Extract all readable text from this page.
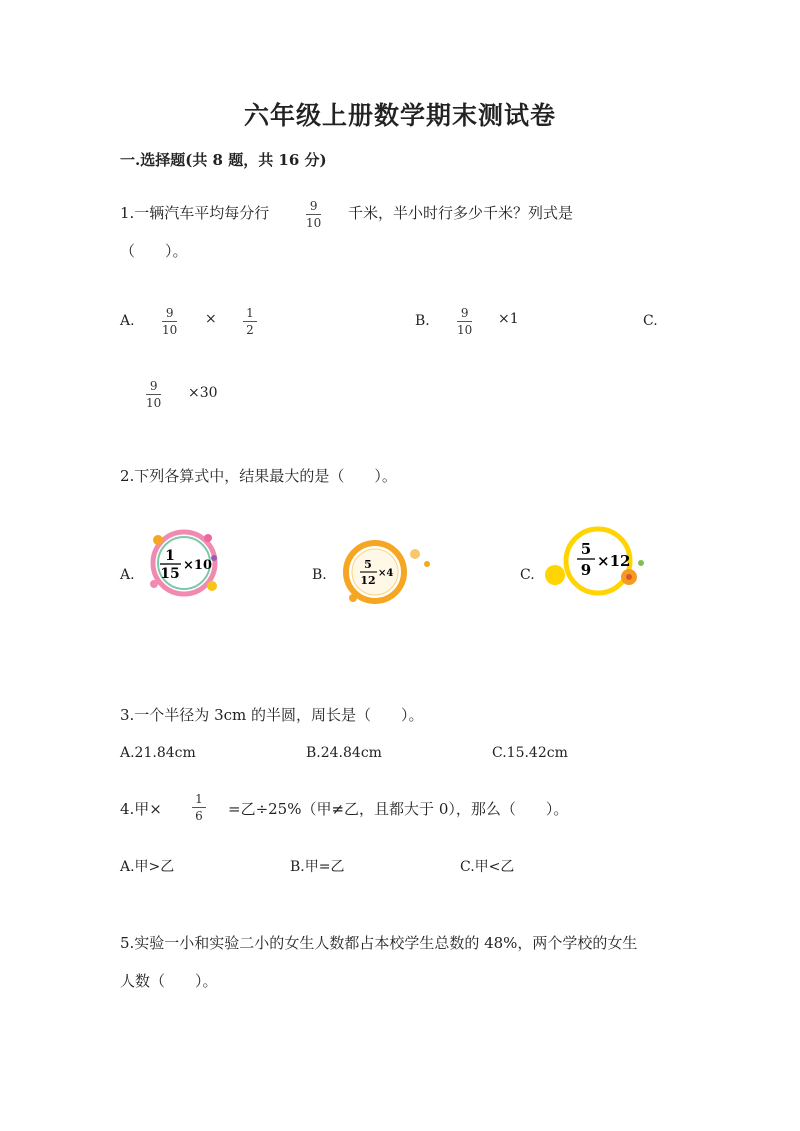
六年级上册数学期末测试卷
一.选择题(共 8 题，共 16 分)
1.一辆汽车平均每分行	9
10
千米，半小时行多少千米？列式是
（　　）。
A.	9
10
× 1
2
B.	9
10
×1	C.
9
10
×30
2.下列各算式中，结果最大的是（　　）。
A.
1
15
×10
B.
5
12
×4	C.
5
9 ×12
3.一个半径为 3cm 的半圆，周长是（　　）。
A.21.84cm	B.24.84cm	C.15.42cm
4.甲×
1
6 =乙÷25%（甲≠乙，且都大于 0），那么（　　）。
A.甲>乙	B.甲=乙	C.甲<乙
5.实验一小和实验二小的女生人数都占本校学生总数的 48%，两个学校的女生
人数（　　）。
